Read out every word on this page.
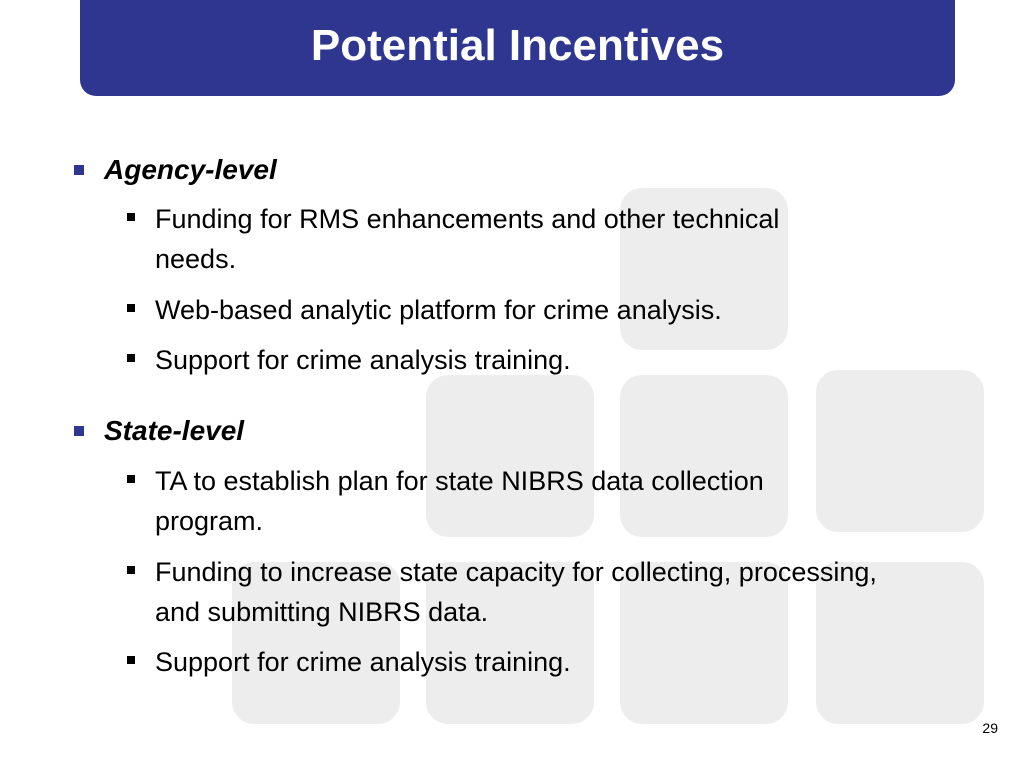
Potential Incentives
Agency-level
Funding for RMS enhancements and other technical needs.
Web-based analytic platform for crime analysis.
Support for crime analysis training.
State-level
TA to establish plan for state NIBRS data collection program.
Funding to increase state capacity for collecting, processing, and submitting NIBRS data.
Support for crime analysis training.
29
